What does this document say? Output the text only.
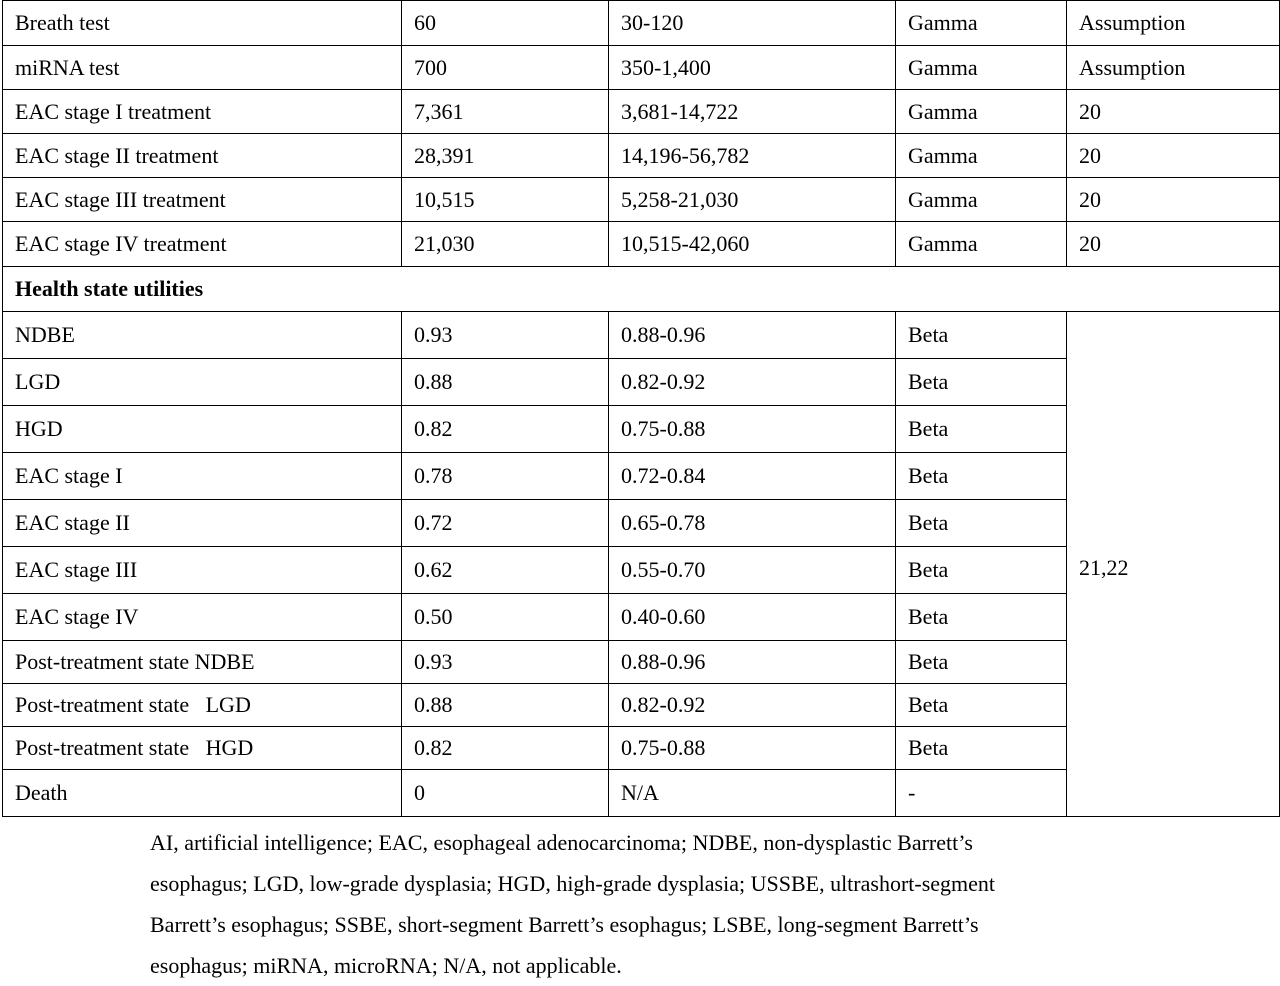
Breath test	60	30-120	Gamma	Assumption
miRNA test	700	350-1,400	Gamma	Assumption
EAC stage I treatment	7,361	3,681-14,722	Gamma	20
EAC stage II treatment	28,391	14,196-56,782	Gamma	20
EAC stage III treatment	10,515	5,258-21,030	Gamma	20
EAC stage IV treatment	21,030	10,515-42,060	Gamma	20
Health state utilities				
NDBE	0.93	0.88-0.96	Beta	21,22
LGD	0.88	0.82-0.92	Beta	
HGD	0.82	0.75-0.88	Beta	
EAC stage I	0.78	0.72-0.84	Beta	
EAC stage II	0.72	0.65-0.78	Beta	
EAC stage III	0.62	0.55-0.70	Beta	
EAC stage IV	0.50	0.40-0.60	Beta	
Post-treatment state NDBE	0.93	0.88-0.96	Beta	
Post-treatment state   LGD	0.88	0.82-0.92	Beta	
Post-treatment state   HGD	0.82	0.75-0.88	Beta	
Death	0	N/A	-	
AI, artificial intelligence; EAC, esophageal adenocarcinoma; NDBE, non-dysplastic Barrett’s
esophagus; LGD, low-grade dysplasia; HGD, high-grade dysplasia; USSBE, ultrashort-segment
Barrett’s esophagus; SSBE, short-segment Barrett’s esophagus; LSBE, long-segment Barrett’s
esophagus; miRNA, microRNA; N/A, not applicable.
